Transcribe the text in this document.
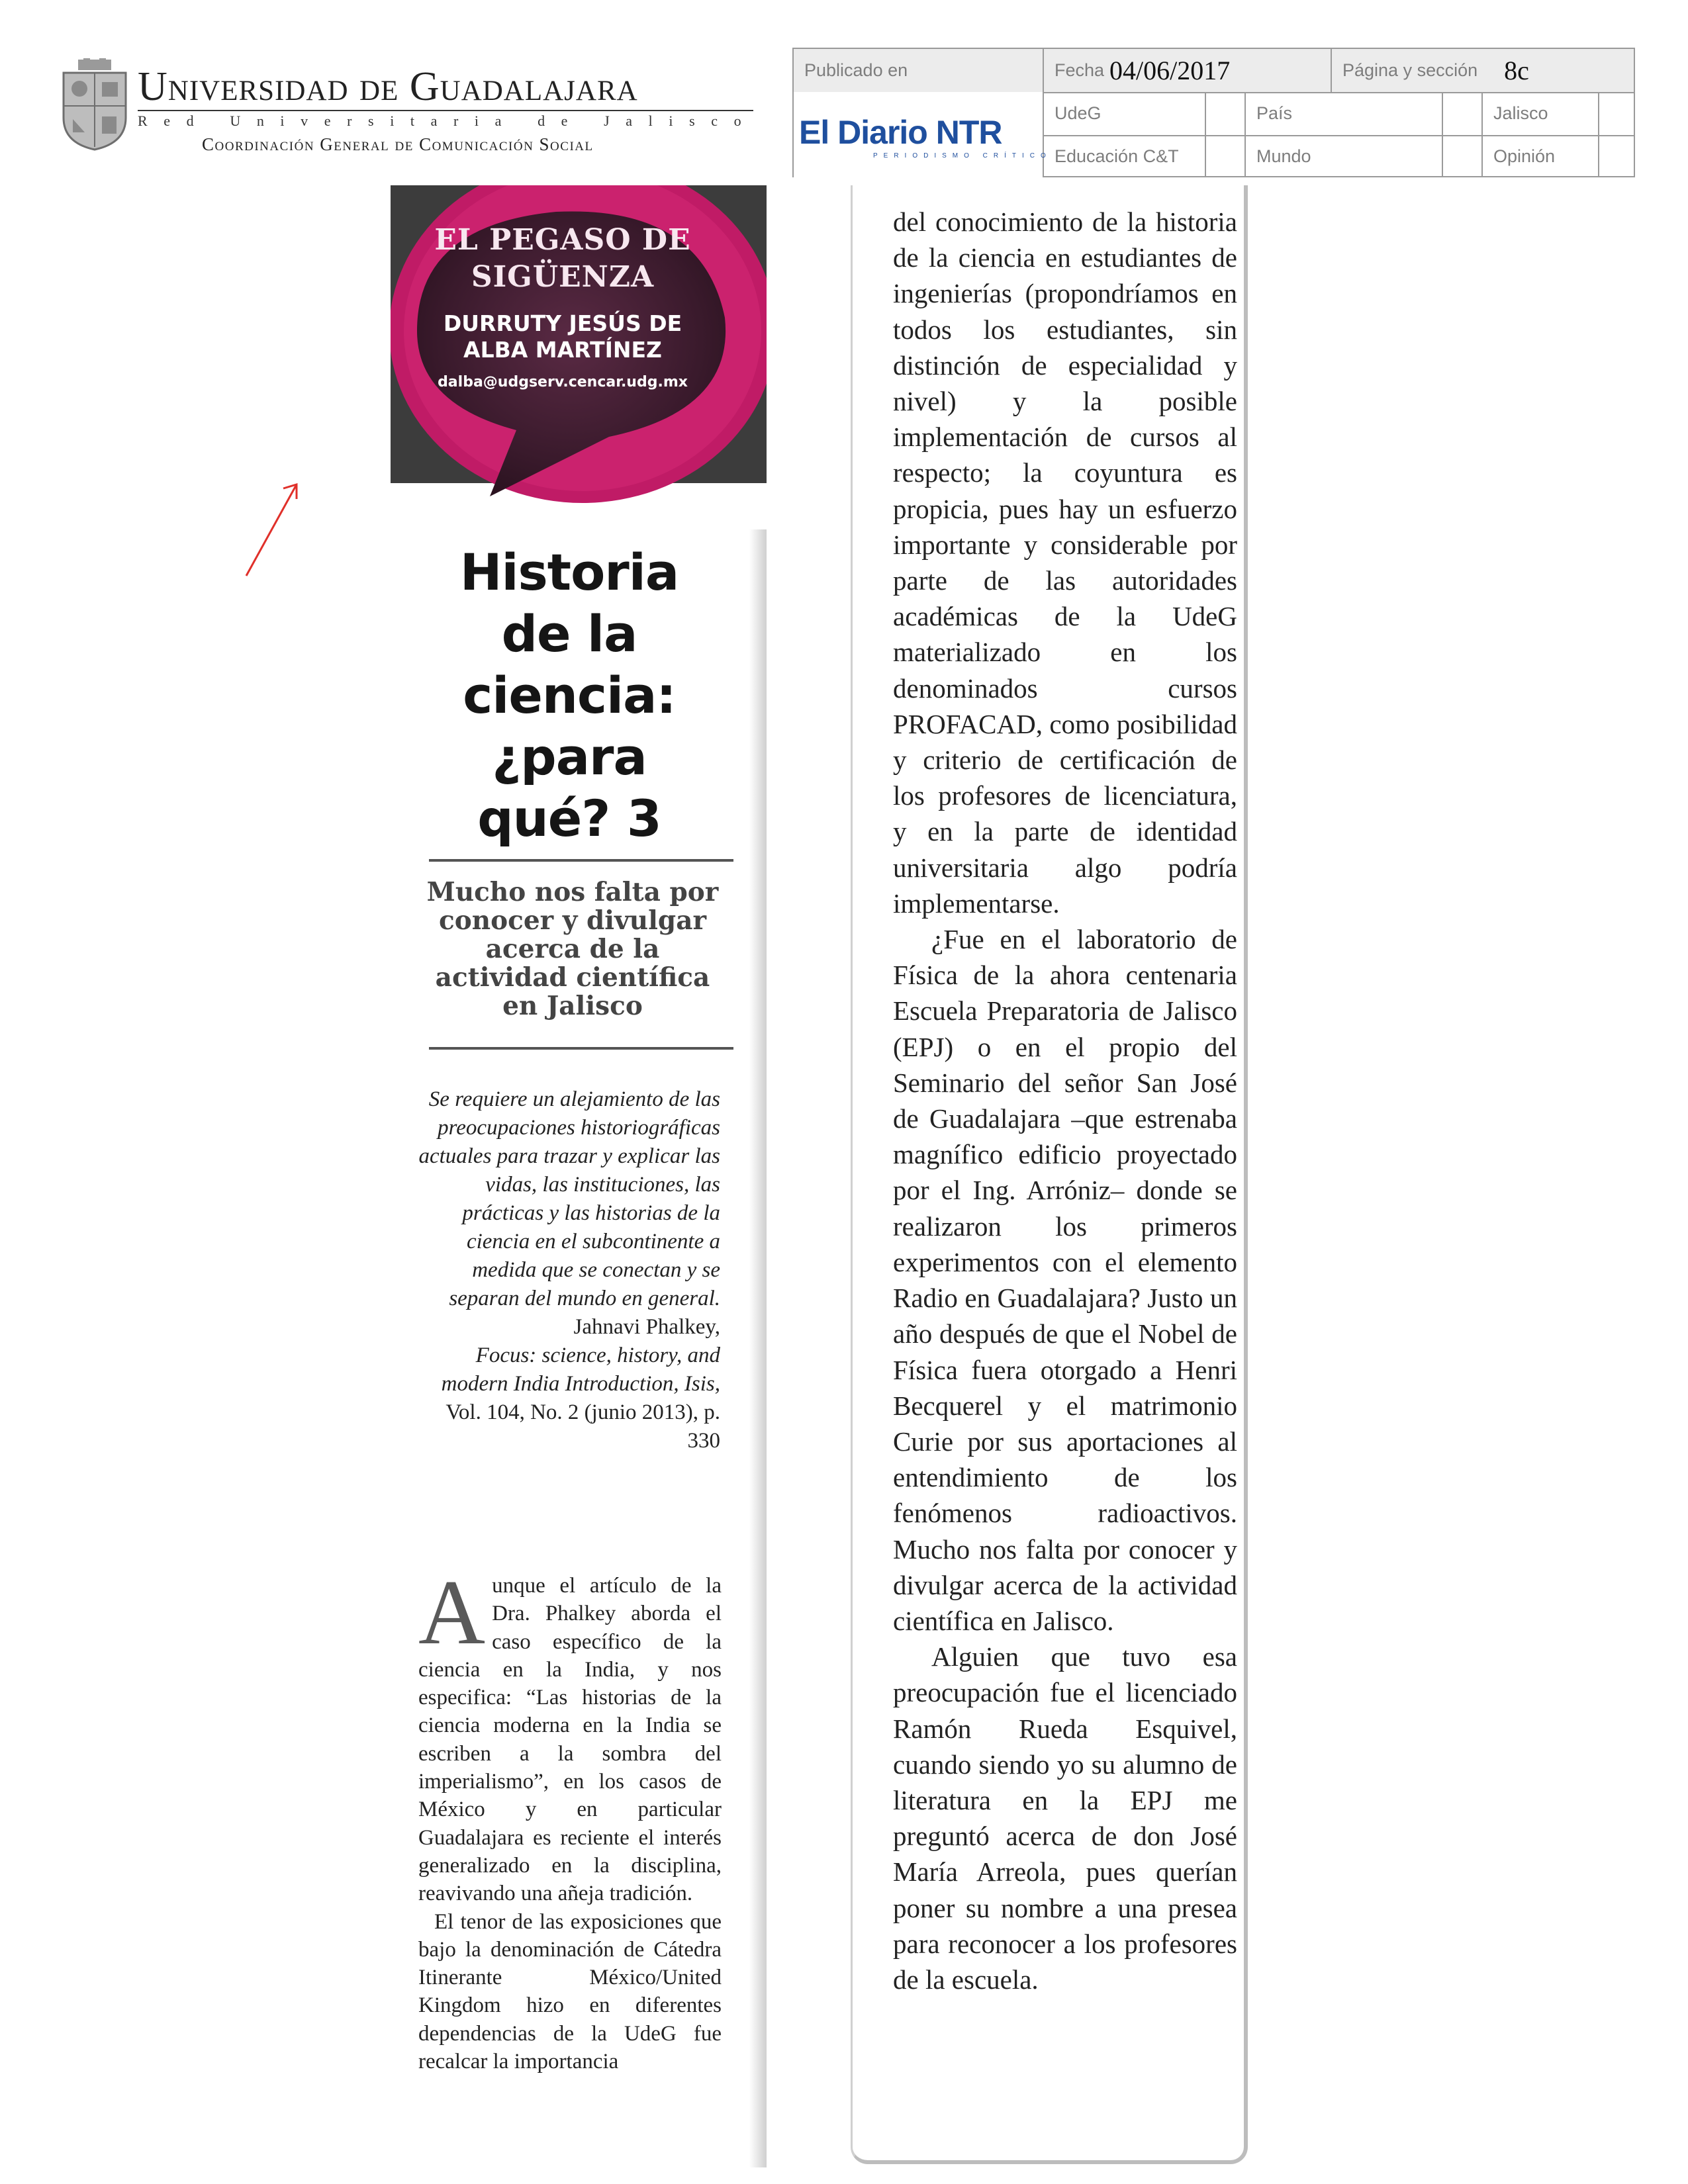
Universidad de Guadalajara
Red Universitaria de Jalisco
Coordinación General de Comunicación Social
Publicado en	Fecha 04/06/2017	Página y sección 8c
UdeG	País	Jalisco
Educación C&T	Mundo	Opinión
El Diario NTR
PERIODISMO CRÍTICO
EL PEGASO DE SIGÜENZA
DURRUTY JESÚS DE ALBA MARTÍNEZ
dalba@udgserv.cencar.udg.mx
Historia de la ciencia: ¿para qué? 3
Mucho nos falta por conocer y divulgar acerca de la actividad científica en Jalisco
Se requiere un alejamiento de las preocupaciones historiográficas actuales para trazar y explicar las vidas, las instituciones, las prácticas y las historias de la ciencia en el subcontinente a medida que se conectan y se separan del mundo en general.
Jahnavi Phalkey,
Focus: science, history, and modern India Introduction, Isis, Vol. 104, No. 2 (junio 2013), p. 330
A unque el artículo de la Dra. Phalkey aborda el caso específico de la ciencia en la India, y nos especifica: “Las historias de la ciencia moderna en la India se escriben a la sombra del imperialismo”, en los casos de México y en particular Guadalajara es reciente el interés generalizado en la disciplina, reavivando una añeja tradición.
El tenor de las exposiciones que bajo la denominación de Cátedra Itinerante México/United Kingdom hizo en diferentes dependencias de la UdeG fue recalcar la importancia

del conocimiento de la historia de la ciencia en estudiantes de ingenierías (propondríamos en todos los estudiantes, sin distinción de especialidad y nivel) y la posible implementación de cursos al respecto; la coyuntura es propicia, pues hay un esfuerzo importante y considerable por parte de las autoridades académicas de la UdeG materializado en los denominados cursos PROFACAD, como posibilidad y criterio de certificación de los profesores de licenciatura, y en la parte de identidad universitaria algo podría implementarse.

¿Fue en el laboratorio de Física de la ahora centenaria Escuela Preparatoria de Jalisco (EPJ) o en el propio del Seminario del señor San José de Guadalajara –que estrenaba magnífico edificio proyectado por el Ing. Arróniz– donde se realizaron los primeros experimentos con el elemento Radio en Guadalajara? Justo un año después de que el Nobel de Física fuera otorgado a Henri Becquerel y el matrimonio Curie por sus aportaciones al entendimiento de los fenómenos radioactivos. Mucho nos falta por conocer y divulgar acerca de la actividad científica en Jalisco.

Alguien que tuvo esa preocupación fue el licenciado Ramón Rueda Esquivel, cuando siendo yo su alumno de literatura en la EPJ me preguntó acerca de don José María Arreola, pues querían poner su nombre a una presea para reconocer a los profesores de la escuela.
